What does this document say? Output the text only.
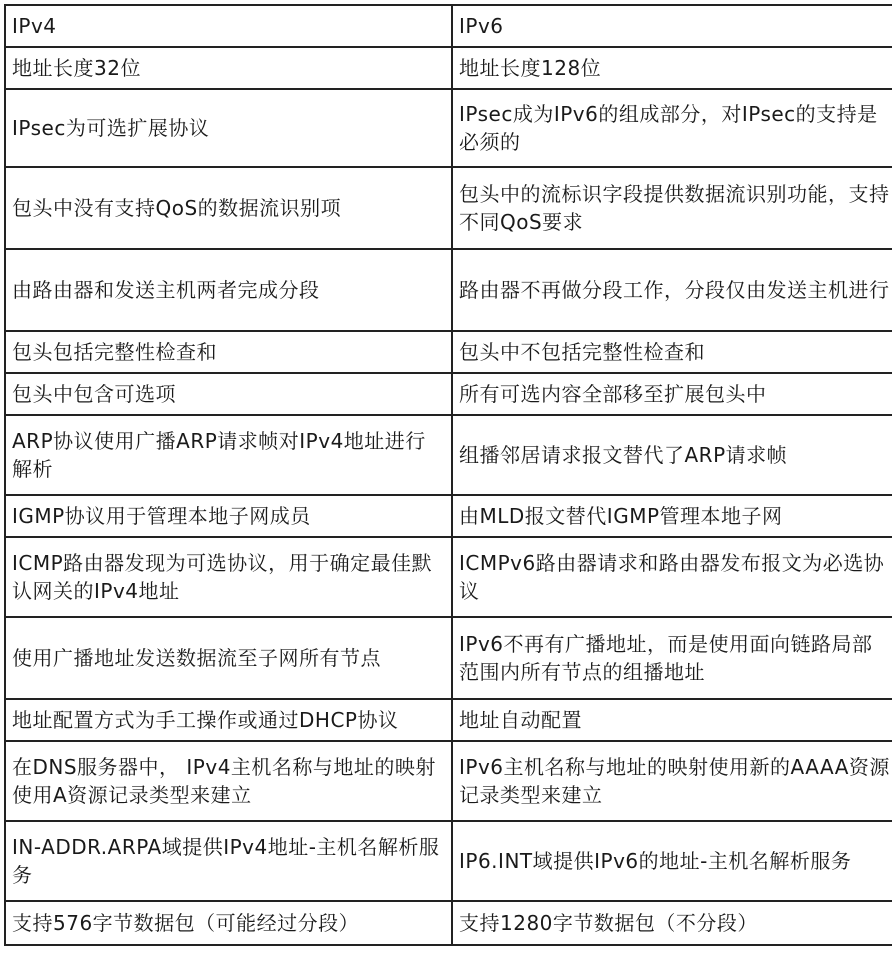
IPv4	IPv6
地址长度32位	地址长度128位
IPsec为可选扩展协议	IPsec成为IPv6的组成部分，对IPsec的支持是必须的
包头中没有支持QoS的数据流识别项	包头中的流标识字段提供数据流识别功能，支持不同QoS要求
由路由器和发送主机两者完成分段	路由器不再做分段工作，分段仅由发送主机进行
包头包括完整性检查和	包头中不包括完整性检查和
包头中包含可选项	所有可选内容全部移至扩展包头中
ARP协议使用广播ARP请求帧对IPv4地址进行解析	组播邻居请求报文替代了ARP请求帧
IGMP协议用于管理本地子网成员	由MLD报文替代IGMP管理本地子网
ICMP路由器发现为可选协议，用于确定最佳默认网关的IPv4地址	ICMPv6路由器请求和路由器发布报文为必选协议
使用广播地址发送数据流至子网所有节点	IPv6不再有广播地址，而是使用面向链路局部范围内所有节点的组播地址
地址配置方式为手工操作或通过DHCP协议	地址自动配置
在DNS服务器中， IPv4主机名称与地址的映射使用A资源记录类型来建立	IPv6主机名称与地址的映射使用新的AAAA资源记录类型来建立
IN-ADDR.ARPA域提供IPv4地址-主机名解析服务	IP6.INT域提供IPv6的地址-主机名解析服务
支持576字节数据包（可能经过分段）	支持1280字节数据包（不分段）
